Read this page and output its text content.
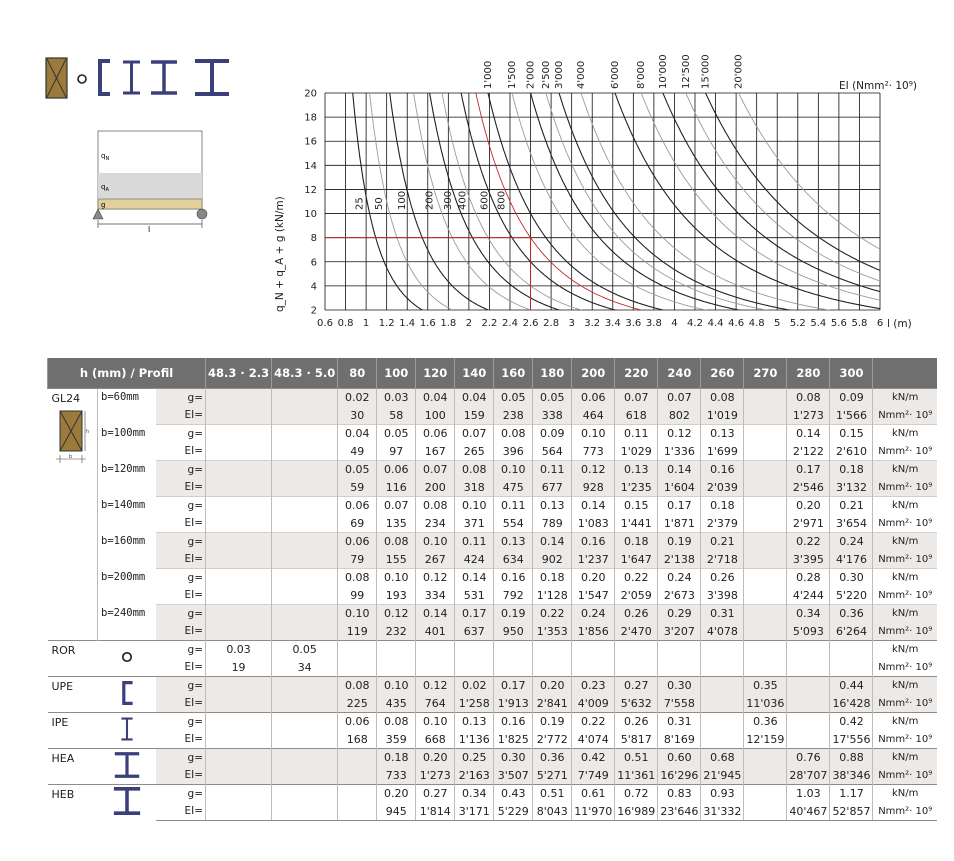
$q_N$
$q_A$
g
l
0.6 0.8 1 1.2 1.4 1.6 1.8 2 2.2 2.4 2.6 2.8 3 3.2 3.4 3.6 3.8 4 4.2 4.4 4.6 4.8 5 5.2 5.4 5.6 5.8 6
2
4
6
8
10
12
14
16
18
20
25 50 100 200 300 400 600 800
1'000 1'500 2'000 2'500 3'000 4'000 6'000 8'000 10'000 12'500 15'000 20'000	EI (Nmm²· 10⁹)
l (m)
q_N + q_A + g (kN/m)
h (mm) / Profil			48.3 · 2.3	48.3 · 5.0	80	100	120	140	160	180	200	220	240	260	270	280	300	

GL24
h
b	b=60mm	g=			0.02	0.03	0.04	0.04	0.05	0.05	0.06	0.07	0.07	0.08		0.08	0.09	kN/m
		EI=			30	58	100	159	238	338	464	618	802	1'019		1'273	1'566	Nmm²· 10⁹
	b=100mm	g=			0.04	0.05	0.06	0.07	0.08	0.09	0.10	0.11	0.12	0.13		0.14	0.15	kN/m
		EI=			49	97	167	265	396	564	773	1'029	1'336	1'699		2'122	2'610	Nmm²· 10⁹
	b=120mm	g=			0.05	0.06	0.07	0.08	0.10	0.11	0.12	0.13	0.14	0.16		0.17	0.18	kN/m
		EI=			59	116	200	318	475	677	928	1'235	1'604	2'039		2'546	3'132	Nmm²· 10⁹
	b=140mm	g=			0.06	0.07	0.08	0.10	0.11	0.13	0.14	0.15	0.17	0.18		0.20	0.21	kN/m
		EI=			69	135	234	371	554	789	1'083	1'441	1'871	2'379		2'971	3'654	Nmm²· 10⁹
	b=160mm	g=			0.06	0.08	0.10	0.11	0.13	0.14	0.16	0.18	0.19	0.21		0.22	0.24	kN/m
		EI=			79	155	267	424	634	902	1'237	1'647	2'138	2'718		3'395	4'176	Nmm²· 10⁹
	b=200mm	g=			0.08	0.10	0.12	0.14	0.16	0.18	0.20	0.22	0.24	0.26		0.28	0.30	kN/m
		EI=			99	193	334	531	792	1'128	1'547	2'059	2'673	3'398		4'244	5'220	Nmm²· 10⁹
	b=240mm	g=			0.10	0.12	0.14	0.17	0.19	0.22	0.24	0.26	0.29	0.31		0.34	0.36	kN/m
		EI=			119	232	401	637	950	1'353	1'856	2'470	3'207	4'078		5'093	6'264	Nmm²· 10⁹

ROR		g=	0.03	0.05														kN/m
		EI=	19	34														Nmm²· 10⁹

UPE		g=			0.08	0.10	0.12	0.02	0.17	0.20	0.23	0.27	0.30		0.35		0.44	kN/m
		EI=			225	435	764	1'258	1'913	2'841	4'009	5'632	7'558		11'036		16'428	Nmm²· 10⁹

IPE		g=			0.06	0.08	0.10	0.13	0.16	0.19	0.22	0.26	0.31		0.36		0.42	kN/m
		EI=			168	359	668	1'136	1'825	2'772	4'074	5'817	8'169		12'159		17'556	Nmm²· 10⁹

HEA		g=				0.18	0.20	0.25	0.30	0.36	0.42	0.51	0.60	0.68		0.76	0.88	kN/m
		EI=				733	1'273	2'163	3'507	5'271	7'749	11'361	16'296	21'945		28'707	38'346	Nmm²· 10⁹

HEB		g=				0.20	0.27	0.34	0.43	0.51	0.61	0.72	0.83	0.93		1.03	1.17	kN/m
		EI=				945	1'814	3'171	5'229	8'043	11'970	16'989	23'646	31'332		40'467	52'857	Nmm²· 10⁹
